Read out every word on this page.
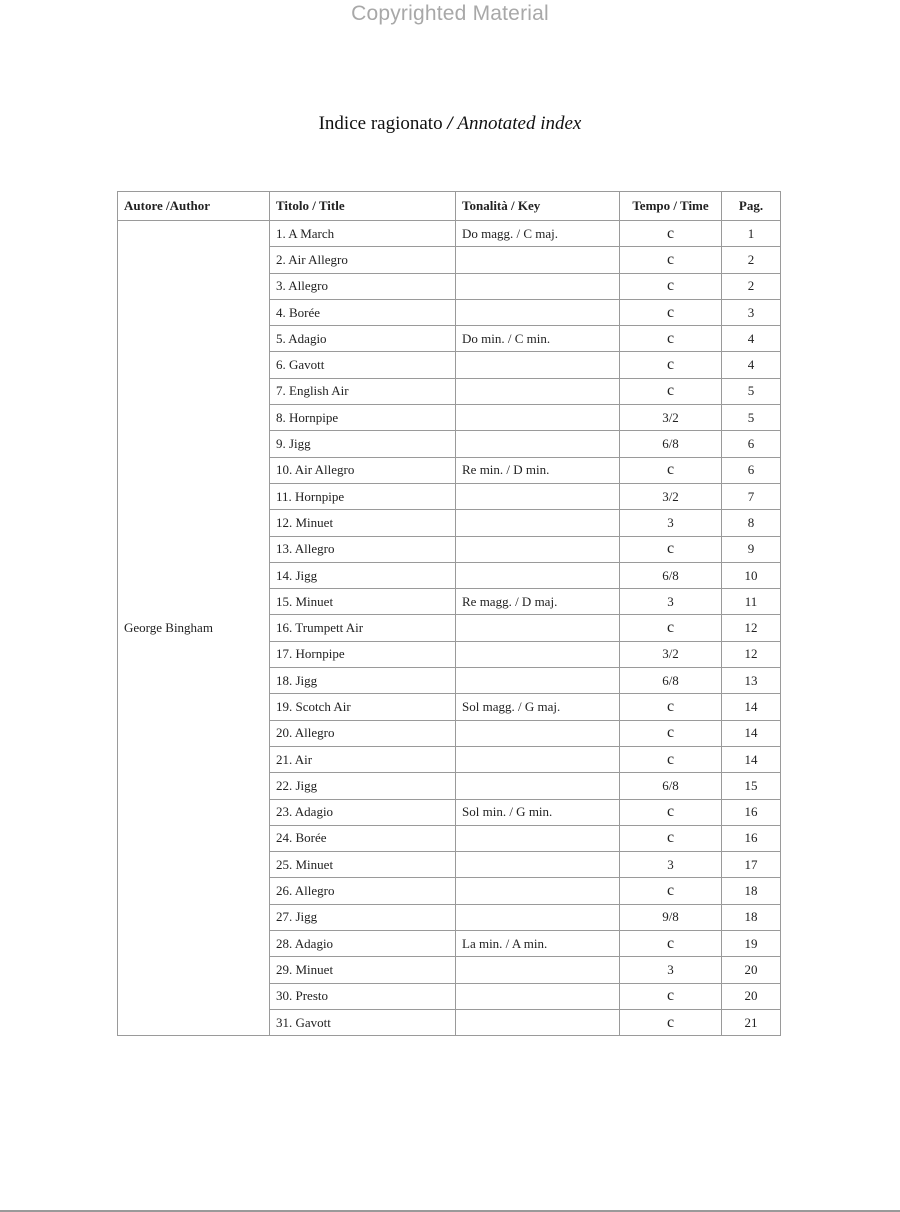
Copyrighted Material
Indice ragionato / Annotated index
Autore /Author	Titolo / Title	Tonalità / Key	Tempo / Time	Pag.
George Bingham	1. A March	Do magg. / C maj.	c	1
	2. Air Allegro		c	2
	3. Allegro		c	2
	4. Borée		c	3
	5. Adagio	Do min. / C min.	c	4
	6. Gavott		c	4
	7. English Air		c	5
	8. Hornpipe		3/2	5
	9. Jigg		6/8	6
	10. Air Allegro	Re min. / D min.	c	6
	11. Hornpipe		3/2	7
	12. Minuet		3	8
	13. Allegro		c	9
	14. Jigg		6/8	10
	15. Minuet	Re magg. / D maj.	3	11
	16. Trumpett Air		c	12
	17. Hornpipe		3/2	12
	18. Jigg		6/8	13
	19. Scotch Air	Sol magg. / G maj.	c	14
	20. Allegro		c	14
	21. Air		c	14
	22. Jigg		6/8	15
	23. Adagio	Sol min. / G min.	c	16
	24. Borée		c	16
	25. Minuet		3	17
	26. Allegro		c	18
	27. Jigg		9/8	18
	28. Adagio	La min. / A min.	c	19
	29. Minuet		3	20
	30. Presto		c	20
	31. Gavott		c	21
